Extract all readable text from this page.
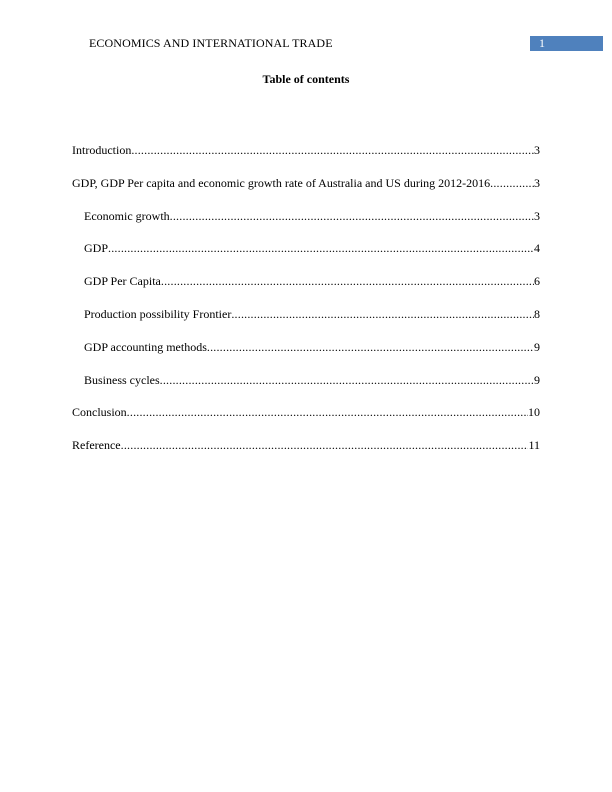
ECONOMICS AND INTERNATIONAL TRADE	1
Table of contents
Introduction .....	3
GDP, GDP Per capita and economic growth rate of Australia and US during 2012-2016 .....	3
Economic growth .....	3
GDP .....	4
GDP Per Capita .....	6
Production possibility Frontier .....	8
GDP accounting methods .....	9
Business cycles .....	9
Conclusion .....	10
Reference .....	11
